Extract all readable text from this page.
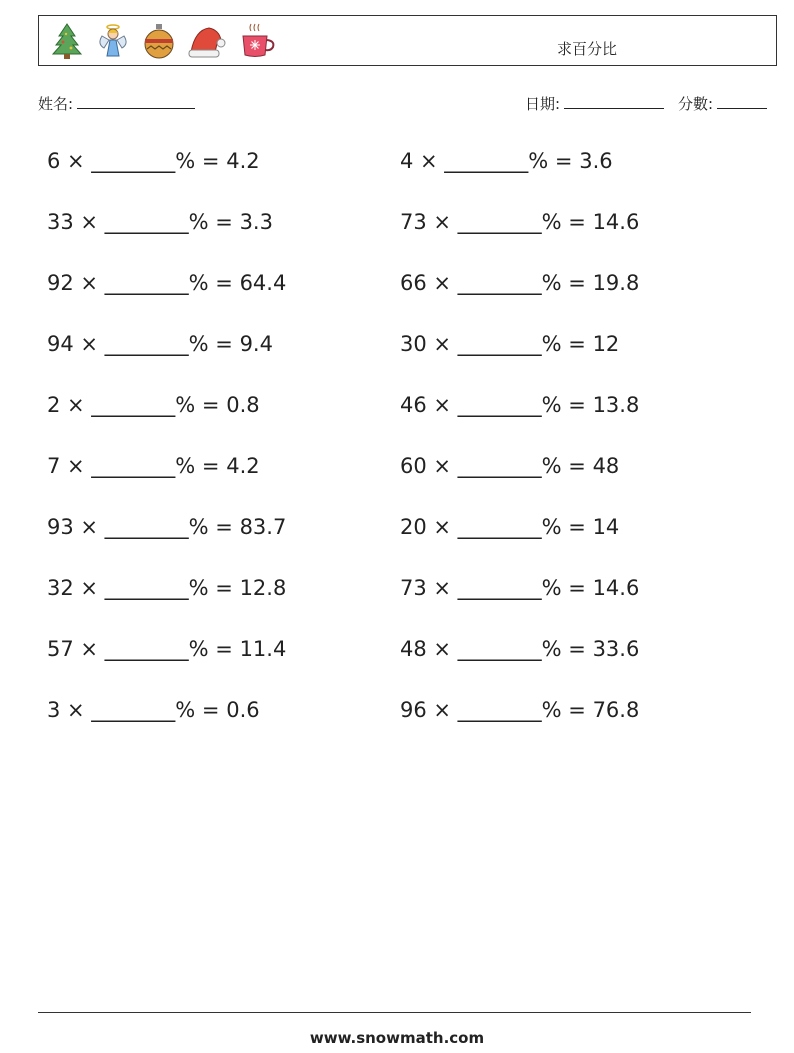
求百分比
姓名:	日期:	分數:
6 × ________% = 4.2	4 × ________% = 3.6
33 × ________% = 3.3	73 × ________% = 14.6
92 × ________% = 64.4	66 × ________% = 19.8
94 × ________% = 9.4	30 × ________% = 12
2 × ________% = 0.8	46 × ________% = 13.8
7 × ________% = 4.2	60 × ________% = 48
93 × ________% = 83.7	20 × ________% = 14
32 × ________% = 12.8	73 × ________% = 14.6
57 × ________% = 11.4	48 × ________% = 33.6
3 × ________% = 0.6	96 × ________% = 76.8
www.snowmath.com
